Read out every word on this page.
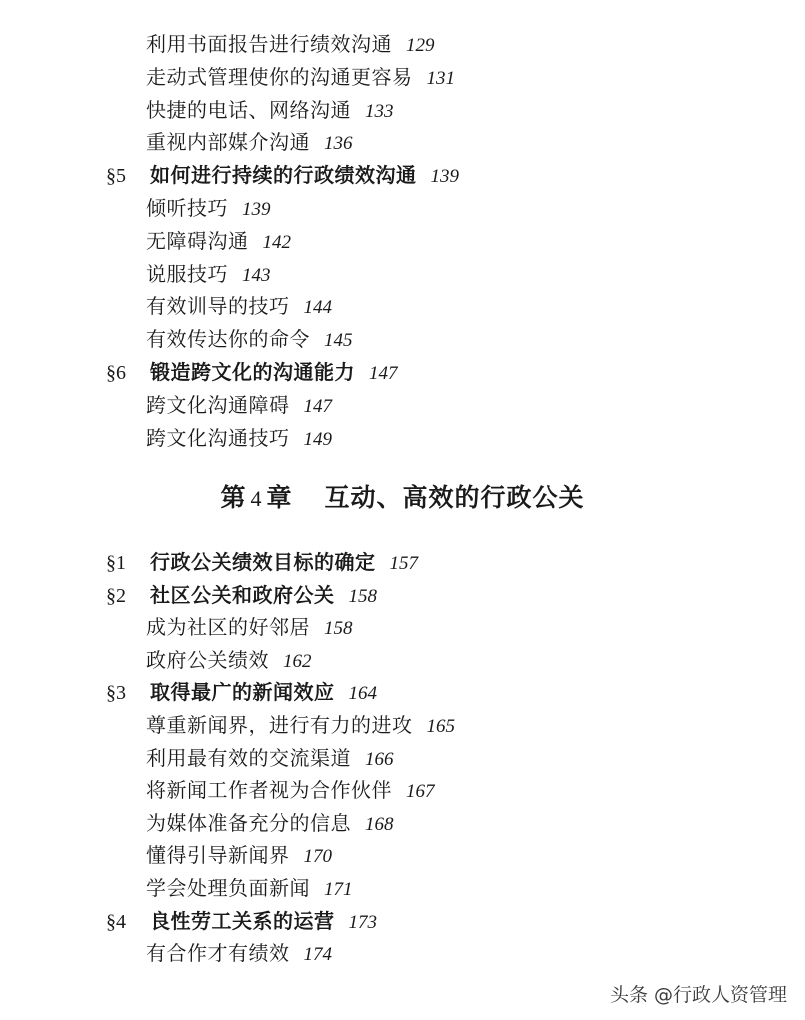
利用书面报告进行绩效沟通 129
走动式管理使你的沟通更容易 131
快捷的电话、网络沟通 133
重视内部媒介沟通 136
§5 如何进行持续的行政绩效沟通 139
倾听技巧 139
无障碍沟通 142
说服技巧 143
有效训导的技巧 144
有效传达你的命令 145
§6 锻造跨文化的沟通能力 147
跨文化沟通障碍 147
跨文化沟通技巧 149
第 4 章 互动、高效的行政公关
§1 行政公关绩效目标的确定 157
§2 社区公关和政府公关 158
成为社区的好邻居 158
政府公关绩效 162
§3 取得最广的新闻效应 164
尊重新闻界，进行有力的进攻 165
利用最有效的交流渠道 166
将新闻工作者视为合作伙伴 167
为媒体准备充分的信息 168
懂得引导新闻界 170
学会处理负面新闻 171
§4 良性劳工关系的运营 173
有合作才有绩效 174
头条 @行政人资管理
